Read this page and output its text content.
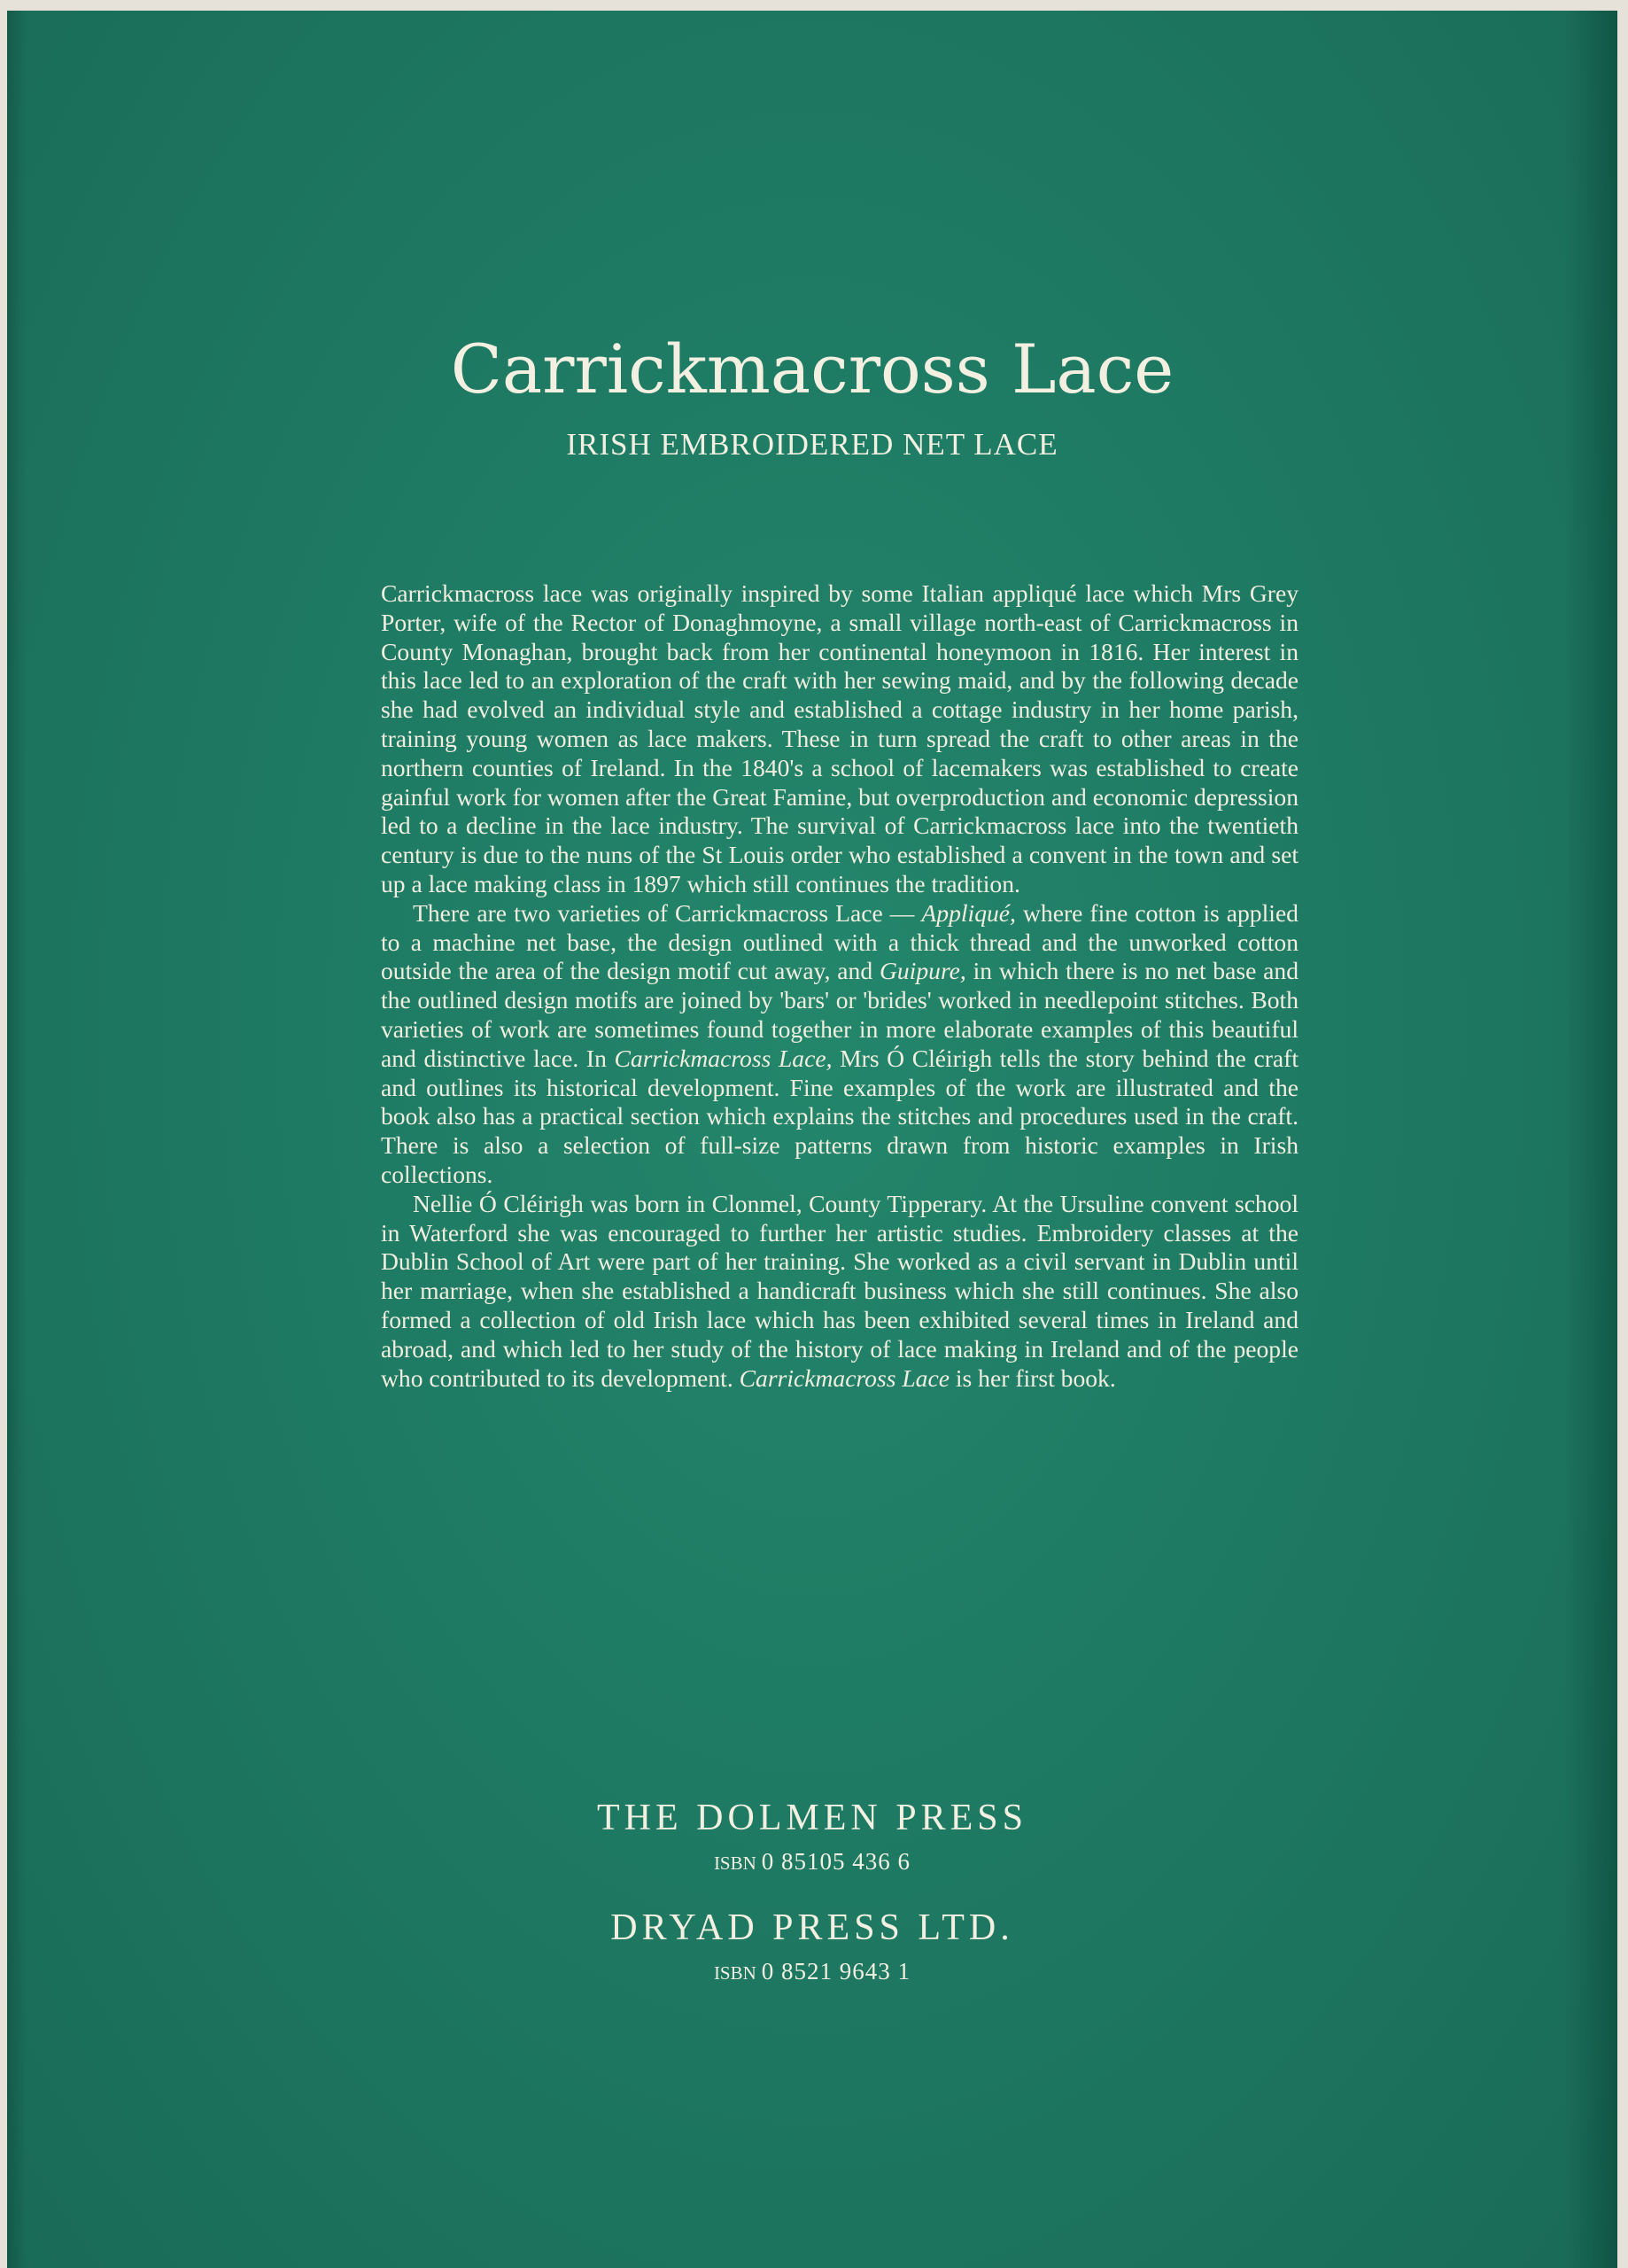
Carrickmacross Lace
IRISH EMBROIDERED NET LACE

Carrickmacross lace was originally inspired by some Italian appliqué lace which Mrs Grey Porter, wife of the Rector of Donaghmoyne, a small village north-east of Carrickmacross in County Monaghan, brought back from her continental honeymoon in 1816. Her interest in this lace led to an exploration of the craft with her sewing maid, and by the following decade she had evolved an individual style and established a cottage industry in her home parish, training young women as lace makers. These in turn spread the craft to other areas in the northern counties of Ireland. In the 1840's a school of lacemakers was established to create gainful work for women after the Great Famine, but overproduction and economic depression led to a decline in the lace industry. The survival of Carrickmacross lace into the twentieth century is due to the nuns of the St Louis order who established a convent in the town and set up a lace making class in 1897 which still continues the tradition.

There are two varieties of Carrickmacross Lace — Appliqué, where fine cotton is applied to a machine net base, the design outlined with a thick thread and the unworked cotton outside the area of the design motif cut away, and Guipure, in which there is no net base and the outlined design motifs are joined by 'bars' or 'brides' worked in needlepoint stitches. Both varieties of work are sometimes found together in more elaborate examples of this beautiful and distinctive lace. In Carrickmacross Lace, Mrs Ó Cléirigh tells the story behind the craft and outlines its historical development. Fine examples of the work are illustrated and the book also has a practical section which explains the stitches and procedures used in the craft. There is also a selection of full-size patterns drawn from historic examples in Irish collections.

Nellie Ó Cléirigh was born in Clonmel, County Tipperary. At the Ursuline convent school in Waterford she was encouraged to further her artistic studies. Embroidery classes at the Dublin School of Art were part of her training. She worked as a civil servant in Dublin until her marriage, when she established a handicraft business which she still continues. She also formed a collection of old Irish lace which has been exhibited several times in Ireland and abroad, and which led to her study of the history of lace making in Ireland and of the people who contributed to its development. Carrickmacross Lace is her first book.

THE DOLMEN PRESS
ISBN 0 85105 436 6
DRYAD PRESS LTD.
ISBN 0 8521 9643 1
